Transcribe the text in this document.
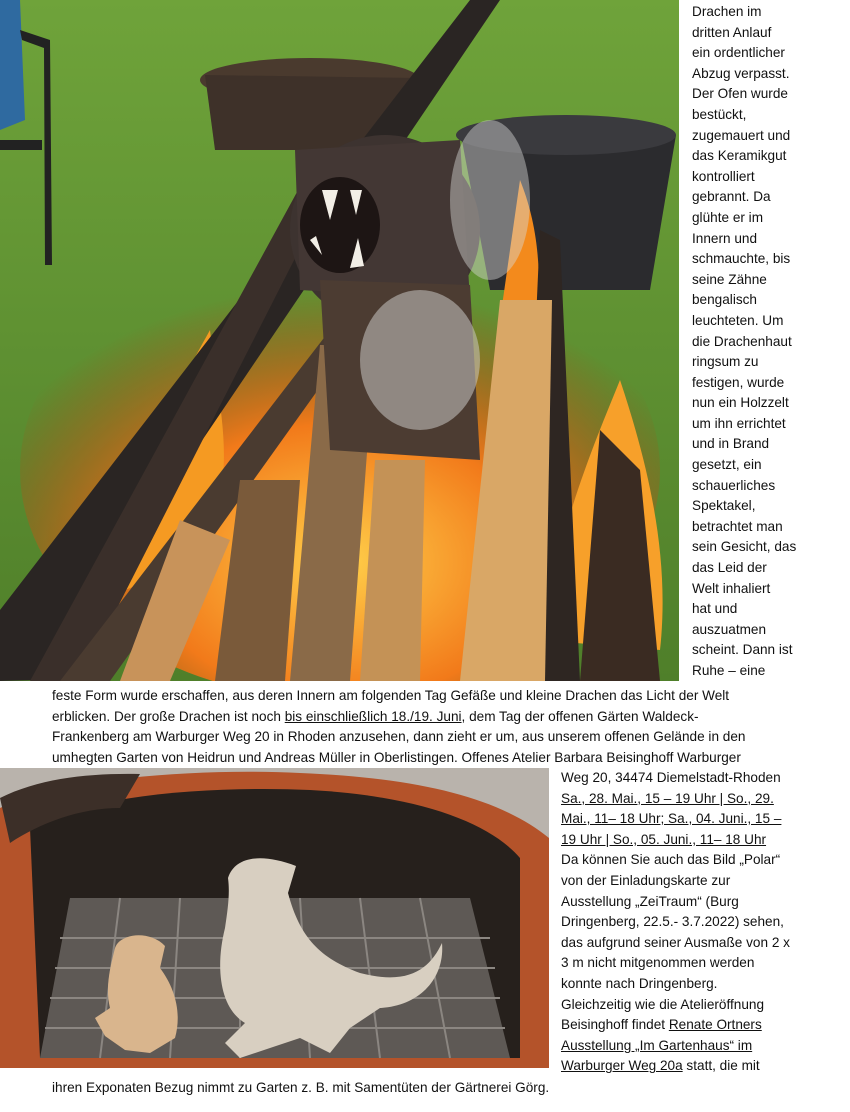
Drachen im
dritten Anlauf
ein ordentlicher
Abzug verpasst.
Der Ofen wurde
bestückt,
zugemauert und
das Keramikgut
kontrolliert
gebrannt. Da
glühte er im
Innern und
schmauchte, bis
seine Zähne
bengalisch
leuchteten. Um
die Drachenhaut
ringsum zu
festigen, wurde
nun ein Holzzelt
um ihn errichtet
und in Brand
gesetzt, ein
schauerliches
Spektakel,
betrachtet man
sein Gesicht, das
das Leid der
Welt inhaliert
hat und
auszuatmen
scheint. Dann ist
Ruhe – eine
feste Form wurde erschaffen, aus deren Innern am folgenden Tag Gefäße und kleine Drachen das Licht der Welt
erblicken. Der große Drachen ist noch bis einschließlich 18./19. Juni, dem Tag der offenen Gärten Waldeck-
Frankenberg am Warburger Weg 20 in Rhoden anzusehen, dann zieht er um, aus unserem offenen Gelände in den
umhegten Garten von Heidrun und Andreas Müller in Oberlistingen. Offenes Atelier Barbara Beisinghoff Warburger
Weg 20, 34474 Diemelstadt-Rhoden
Sa., 28. Mai., 15 – 19 Uhr | So., 29.
Mai., 11– 18 Uhr; Sa., 04. Juni., 15 –
19 Uhr | So., 05. Juni., 11– 18 Uhr
Da können Sie auch das Bild „Polar“
von der Einladungskarte zur
Ausstellung „ZeiTraum“ (Burg
Dringenberg, 22.5.- 3.7.2022) sehen,
das aufgrund seiner Ausmaße von 2 x
3 m nicht mitgenommen werden
konnte nach Dringenberg.
Gleichzeitig wie die Atelieröffnung
Beisinghoff findet Renate Ortners
Ausstellung „Im Gartenhaus“ im
Warburger Weg 20a statt, die mit
ihren Exponaten Bezug nimmt zu Garten z. B. mit Samentüten der Gärtnerei Görg.
